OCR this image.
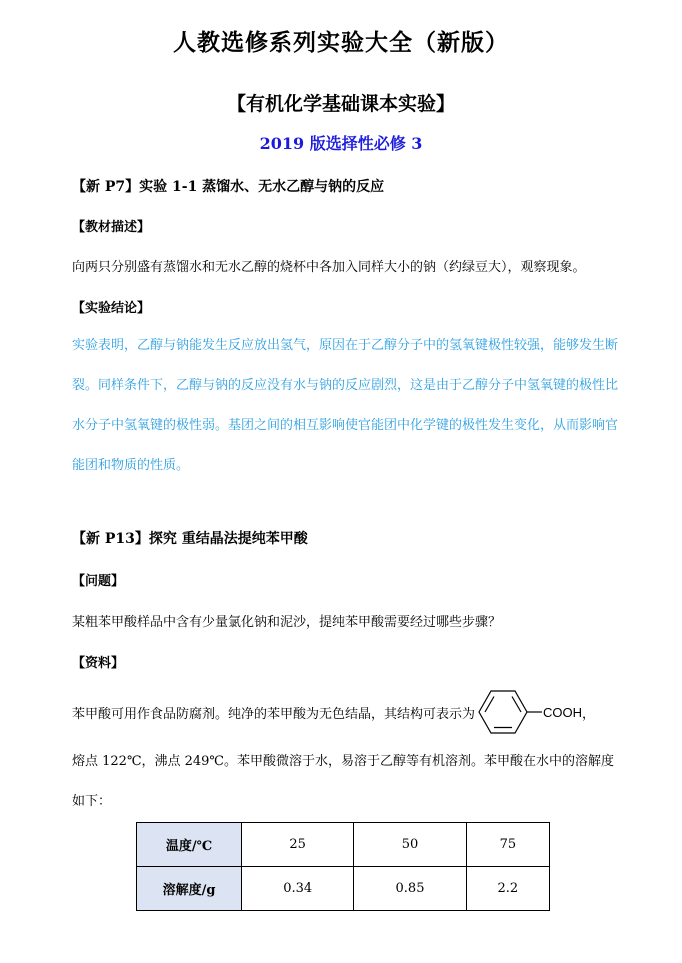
人教选修系列实验大全（新版）
【有机化学基础课本实验】
2019 版选择性必修 3
【新 P7】实验 1-1 蒸馏水、无水乙醇与钠的反应
【教材描述】
向两只分别盛有蒸馏水和无水乙醇的烧杯中各加入同样大小的钠（约绿豆大），观察现象。
【实验结论】
实验表明，乙醇与钠能发生反应放出氢气，原因在于乙醇分子中的氢氧键极性较强，能够发生断裂。同样条件下，乙醇与钠的反应没有水与钠的反应剧烈，这是由于乙醇分子中氢氧键的极性比水分子中氢氧键的极性弱。基团之间的相互影响使官能团中化学键的极性发生变化，从而影响官能团和物质的性质。
【新 P13】探究 重结晶法提纯苯甲酸
【问题】
某粗苯甲酸样品中含有少量氯化钠和泥沙，提纯苯甲酸需要经过哪些步骤？
【资料】
苯甲酸可用作食品防腐剂。纯净的苯甲酸为无色结晶，其结构可表示为	COOH ，
熔点 122℃，沸点 249℃。苯甲酸微溶于水，易溶于乙醇等有机溶剂。苯甲酸在水中的溶解度如下：
温度/℃	25	50	75
溶解度/g	0.34	0.85	2.2
